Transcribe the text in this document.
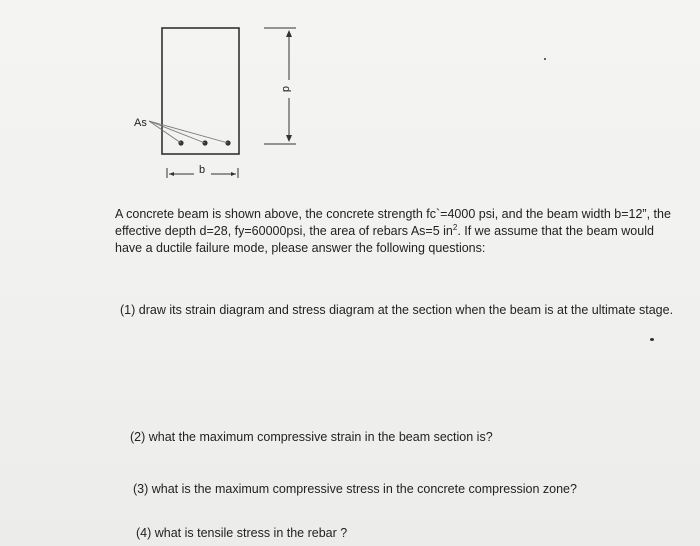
As
b
d
A concrete beam is shown above, the concrete strength fc`=4000 psi, and the beam width b=12”, the
effective depth d=28, fy=60000psi, the area of rebars As=5 $in^2$. If we assume that the beam would
have a ductile failure mode, please answer the following questions:
(1) draw its strain diagram and stress diagram at the section when the beam is at the ultimate stage.
(2) what the maximum compressive strain in the beam section is?
(3) what is the maximum compressive stress in the concrete compression zone?
(4) what is tensile stress in the rebar ?
